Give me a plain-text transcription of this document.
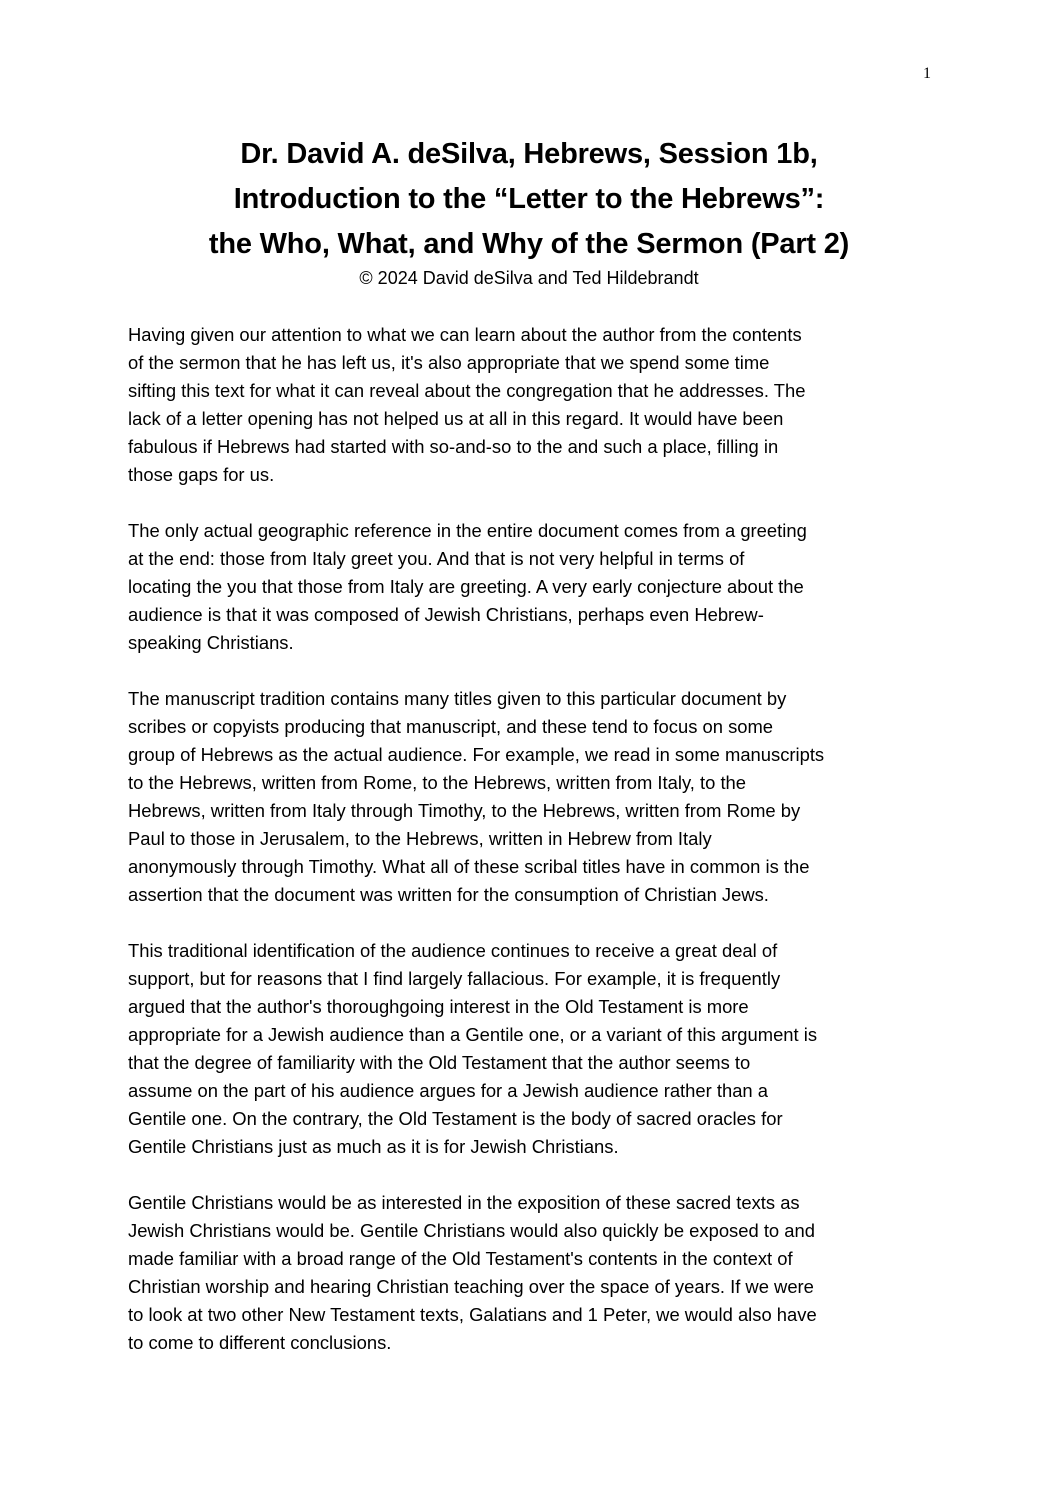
1
Dr. David A. deSilva, Hebrews, Session 1b,
Introduction to the “Letter to the Hebrews”:
the Who, What, and Why of the Sermon (Part 2)
© 2024 David deSilva and Ted Hildebrandt

Having given our attention to what we can learn about the author from the contents
of the sermon that he has left us, it's also appropriate that we spend some time
sifting this text for what it can reveal about the congregation that he addresses. The
lack of a letter opening has not helped us at all in this regard. It would have been
fabulous if Hebrews had started with so-and-so to the and such a place, filling in
those gaps for us.

The only actual geographic reference in the entire document comes from a greeting
at the end: those from Italy greet you. And that is not very helpful in terms of
locating the you that those from Italy are greeting. A very early conjecture about the
audience is that it was composed of Jewish Christians, perhaps even Hebrew-
speaking Christians.

The manuscript tradition contains many titles given to this particular document by
scribes or copyists producing that manuscript, and these tend to focus on some
group of Hebrews as the actual audience. For example, we read in some manuscripts
to the Hebrews, written from Rome, to the Hebrews, written from Italy, to the
Hebrews, written from Italy through Timothy, to the Hebrews, written from Rome by
Paul to those in Jerusalem, to the Hebrews, written in Hebrew from Italy
anonymously through Timothy. What all of these scribal titles have in common is the
assertion that the document was written for the consumption of Christian Jews.

This traditional identification of the audience continues to receive a great deal of
support, but for reasons that I find largely fallacious. For example, it is frequently
argued that the author's thoroughgoing interest in the Old Testament is more
appropriate for a Jewish audience than a Gentile one, or a variant of this argument is
that the degree of familiarity with the Old Testament that the author seems to
assume on the part of his audience argues for a Jewish audience rather than a
Gentile one. On the contrary, the Old Testament is the body of sacred oracles for
Gentile Christians just as much as it is for Jewish Christians.

Gentile Christians would be as interested in the exposition of these sacred texts as
Jewish Christians would be. Gentile Christians would also quickly be exposed to and
made familiar with a broad range of the Old Testament's contents in the context of
Christian worship and hearing Christian teaching over the space of years. If we were
to look at two other New Testament texts, Galatians and 1 Peter, we would also have
to come to different conclusions.
